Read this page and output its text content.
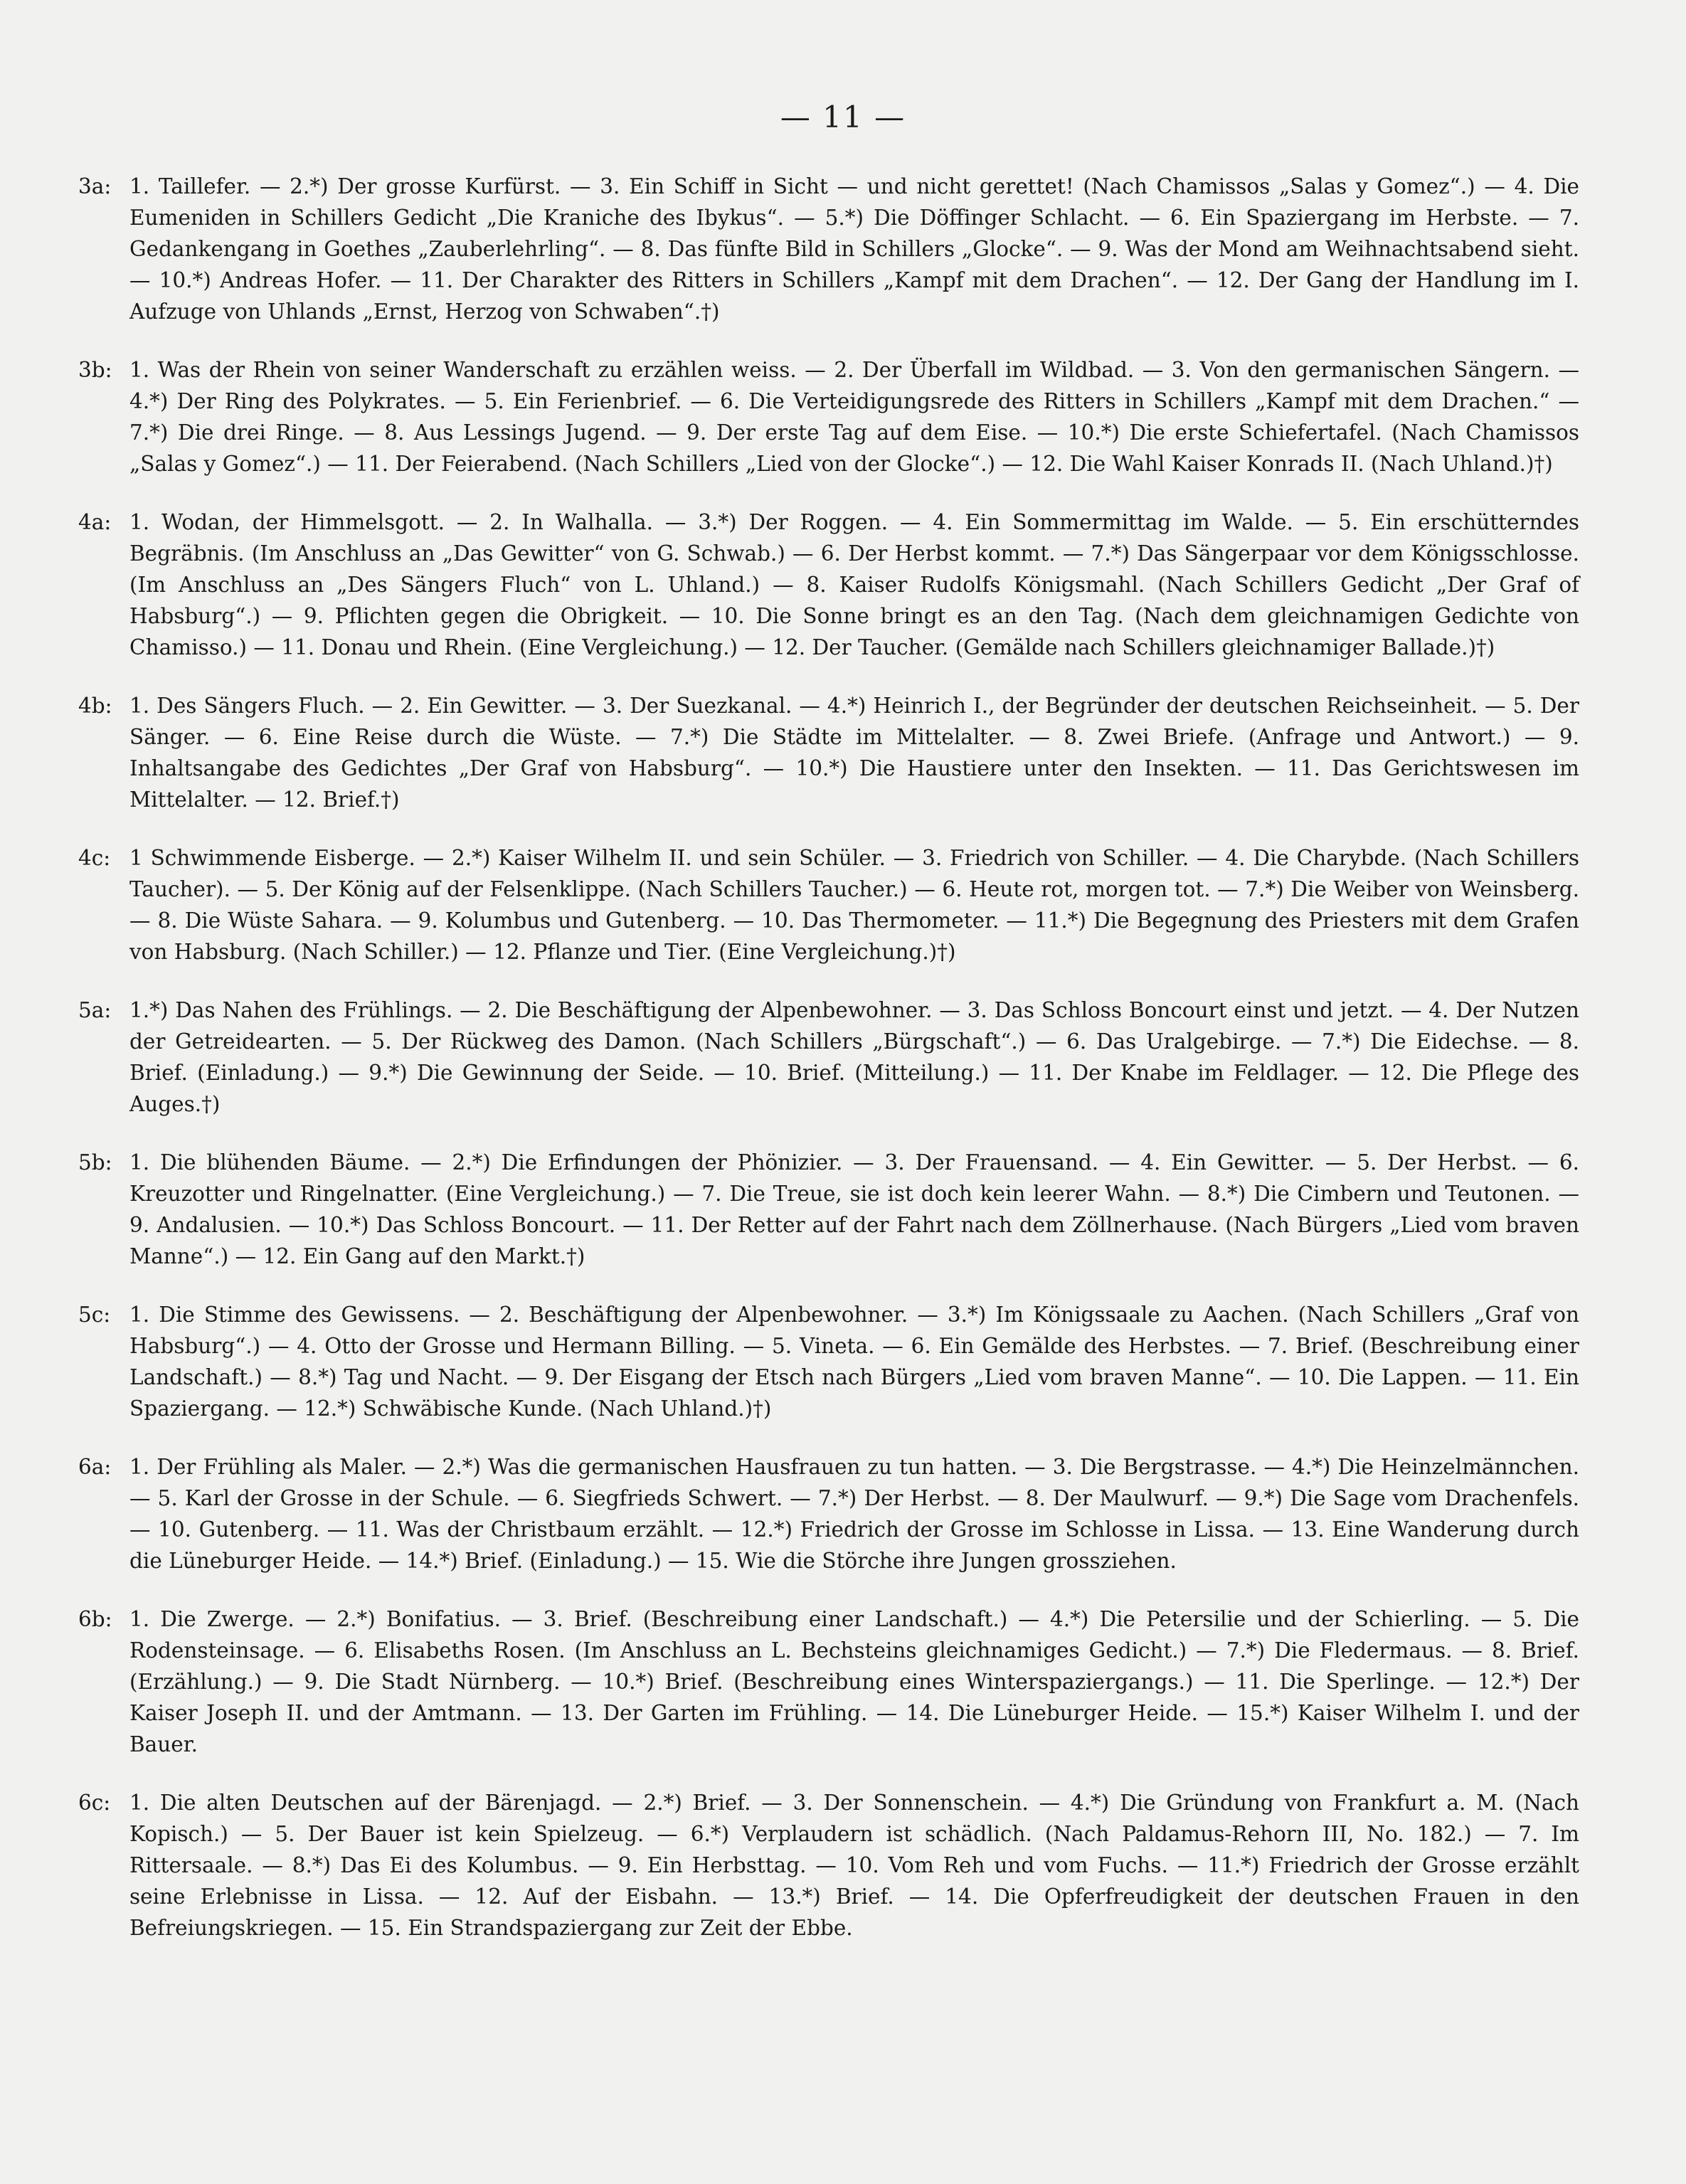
— 11 —
3a: 1. Taillefer. — 2.*) Der grosse Kurfürst. — 3. Ein Schiff in Sicht — und nicht gerettet! (Nach Chamissos „Salas y Gomez“.) — 4. Die Eumeniden in Schillers Gedicht „Die Kraniche des Ibykus“. — 5.*) Die Döffinger Schlacht. — 6. Ein Spaziergang im Herbste. — 7. Gedankengang in Goethes „Zauberlehrling“. — 8. Das fünfte Bild in Schillers „Glocke“. — 9. Was der Mond am Weihnachtsabend sieht. — 10.*) Andreas Hofer. — 11. Der Charakter des Ritters in Schillers „Kampf mit dem Drachen“. — 12. Der Gang der Handlung im I. Aufzuge von Uhlands „Ernst, Herzog von Schwaben“.†)
3b: 1. Was der Rhein von seiner Wanderschaft zu erzählen weiss. — 2. Der Überfall im Wildbad. — 3. Von den germanischen Sängern. — 4.*) Der Ring des Polykrates. — 5. Ein Ferienbrief. — 6. Die Verteidigungsrede des Ritters in Schillers „Kampf mit dem Drachen.“ — 7.*) Die drei Ringe. — 8. Aus Lessings Jugend. — 9. Der erste Tag auf dem Eise. — 10.*) Die erste Schiefertafel. (Nach Chamissos „Salas y Gomez“.) — 11. Der Feierabend. (Nach Schillers „Lied von der Glocke“.) — 12. Die Wahl Kaiser Konrads II. (Nach Uhland.)†)
4a: 1. Wodan, der Himmelsgott. — 2. In Walhalla. — 3.*) Der Roggen. — 4. Ein Sommermittag im Walde. — 5. Ein erschütterndes Begräbnis. (Im Anschluss an „Das Gewitter“ von G. Schwab.) — 6. Der Herbst kommt. — 7.*) Das Sängerpaar vor dem Königsschlosse. (Im Anschluss an „Des Sängers Fluch“ von L. Uhland.) — 8. Kaiser Rudolfs Königsmahl. (Nach Schillers Gedicht „Der Graf of Habsburg“.) — 9. Pflichten gegen die Obrigkeit. — 10. Die Sonne bringt es an den Tag. (Nach dem gleichnamigen Gedichte von Chamisso.) — 11. Donau und Rhein. (Eine Vergleichung.) — 12. Der Taucher. (Gemälde nach Schillers gleichnamiger Ballade.)†)
4b: 1. Des Sängers Fluch. — 2. Ein Gewitter. — 3. Der Suezkanal. — 4.*) Heinrich I., der Begründer der deutschen Reichseinheit. — 5. Der Sänger. — 6. Eine Reise durch die Wüste. — 7.*) Die Städte im Mittelalter. — 8. Zwei Briefe. (Anfrage und Antwort.) — 9. Inhaltsangabe des Gedichtes „Der Graf von Habsburg“. — 10.*) Die Haustiere unter den Insekten. — 11. Das Gerichtswesen im Mittelalter. — 12. Brief.†)
4c: 1 Schwimmende Eisberge. — 2.*) Kaiser Wilhelm II. und sein Schüler. — 3. Friedrich von Schiller. — 4. Die Charybde. (Nach Schillers Taucher). — 5. Der König auf der Felsenklippe. (Nach Schillers Taucher.) — 6. Heute rot, morgen tot. — 7.*) Die Weiber von Weinsberg. — 8. Die Wüste Sahara. — 9. Kolumbus und Gutenberg. — 10. Das Thermometer. — 11.*) Die Begegnung des Priesters mit dem Grafen von Habsburg. (Nach Schiller.) — 12. Pflanze und Tier. (Eine Vergleichung.)†)
5a: 1.*) Das Nahen des Frühlings. — 2. Die Beschäftigung der Alpenbewohner. — 3. Das Schloss Boncourt einst und jetzt. — 4. Der Nutzen der Getreidearten. — 5. Der Rückweg des Damon. (Nach Schillers „Bürgschaft“.) — 6. Das Uralgebirge. — 7.*) Die Eidechse. — 8. Brief. (Einladung.) — 9.*) Die Gewinnung der Seide. — 10. Brief. (Mitteilung.) — 11. Der Knabe im Feldlager. — 12. Die Pflege des Auges.†)
5b: 1. Die blühenden Bäume. — 2.*) Die Erfindungen der Phönizier. — 3. Der Frauensand. — 4. Ein Gewitter. — 5. Der Herbst. — 6. Kreuzotter und Ringelnatter. (Eine Vergleichung.) — 7. Die Treue, sie ist doch kein leerer Wahn. — 8.*) Die Cimbern und Teutonen. — 9. Andalusien. — 10.*) Das Schloss Boncourt. — 11. Der Retter auf der Fahrt nach dem Zöllnerhause. (Nach Bürgers „Lied vom braven Manne“.) — 12. Ein Gang auf den Markt.†)
5c: 1. Die Stimme des Gewissens. — 2. Beschäftigung der Alpenbewohner. — 3.*) Im Königssaale zu Aachen. (Nach Schillers „Graf von Habsburg“.) — 4. Otto der Grosse und Hermann Billing. — 5. Vineta. — 6. Ein Gemälde des Herbstes. — 7. Brief. (Beschreibung einer Landschaft.) — 8.*) Tag und Nacht. — 9. Der Eisgang der Etsch nach Bürgers „Lied vom braven Manne“. — 10. Die Lappen. — 11. Ein Spaziergang. — 12.*) Schwäbische Kunde. (Nach Uhland.)†)
6a: 1. Der Frühling als Maler. — 2.*) Was die germanischen Hausfrauen zu tun hatten. — 3. Die Bergstrasse. — 4.*) Die Heinzelmännchen. — 5. Karl der Grosse in der Schule. — 6. Siegfrieds Schwert. — 7.*) Der Herbst. — 8. Der Maulwurf. — 9.*) Die Sage vom Drachenfels. — 10. Gutenberg. — 11. Was der Christbaum erzählt. — 12.*) Friedrich der Grosse im Schlosse in Lissa. — 13. Eine Wanderung durch die Lüneburger Heide. — 14.*) Brief. (Einladung.) — 15. Wie die Störche ihre Jungen grossziehen.
6b: 1. Die Zwerge. — 2.*) Bonifatius. — 3. Brief. (Beschreibung einer Landschaft.) — 4.*) Die Petersilie und der Schierling. — 5. Die Rodensteinsage. — 6. Elisabeths Rosen. (Im Anschluss an L. Bechsteins gleichnamiges Gedicht.) — 7.*) Die Fledermaus. — 8. Brief. (Erzählung.) — 9. Die Stadt Nürnberg. — 10.*) Brief. (Beschreibung eines Winterspaziergangs.) — 11. Die Sperlinge. — 12.*) Der Kaiser Joseph II. und der Amtmann. — 13. Der Garten im Frühling. — 14. Die Lüneburger Heide. — 15.*) Kaiser Wilhelm I. und der Bauer.
6c: 1. Die alten Deutschen auf der Bärenjagd. — 2.*) Brief. — 3. Der Sonnenschein. — 4.*) Die Gründung von Frankfurt a. M. (Nach Kopisch.) — 5. Der Bauer ist kein Spielzeug. — 6.*) Verplaudern ist schädlich. (Nach Paldamus-Rehorn III, No. 182.) — 7. Im Rittersaale. — 8.*) Das Ei des Kolumbus. — 9. Ein Herbsttag. — 10. Vom Reh und vom Fuchs. — 11.*) Friedrich der Grosse erzählt seine Erlebnisse in Lissa. — 12. Auf der Eisbahn. — 13.*) Brief. — 14. Die Opferfreudigkeit der deutschen Frauen in den Befreiungskriegen. — 15. Ein Strandspaziergang zur Zeit der Ebbe.
